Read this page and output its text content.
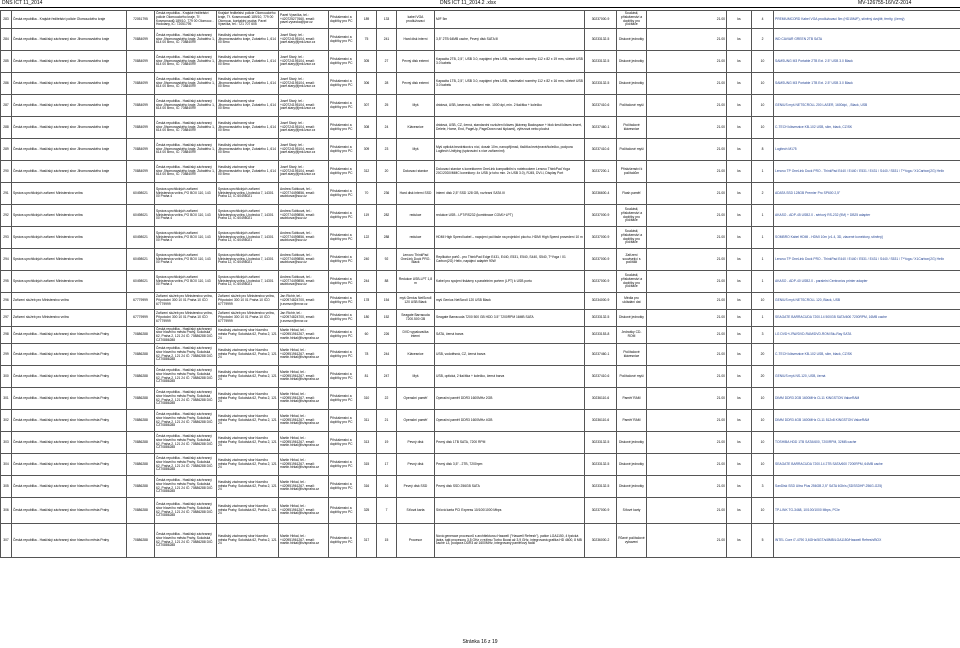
DNS ICT 11_2014	DNS ICT 11_2014.2 .xlsx	MV-126755-16/VZ-2014
283	Česká republika - Krajské ředitelství policie Olomouckého kraje	72051795	Česká republika - Krajské ředitelství policie Olomouckého kraje, Tř. Kosmonautů 189/10, 779 00 Olomouc - Hodolany, IČ: 72051795	Krajské ředitelství policie Olomouckého kraje, Tř. Kosmonautů 189/10, 779 00 Olomouc, kontaktní osoba: Pavel Vysečka, tel.: 721 707 605	Pavel Vysečka, tel.: +420725277660, email: pavel.vysecka@pcr.cz	Příslušenství a doplňky pro PC	189	133	kabel VGA prodlužovací	M/F 5m	30237000-9	Součásti, příslušenství a doplňky pro počítače	21.00	ks	4	PREMIUMCORD Kabel VGA prodlužovací 5m (HD15M/F), stíněný dvojitě, ferrity, (černý)
284	Česká republika - Hasičský záchranný sbor Jihomoravského kraje	70884099	Česká republika - Hasičský záchranný sbor Jihomoravského kraje, Zubatého 1, 614 00 Brno, IČ: 70884099	Hasičský záchranný sbor Jihomoravského kraje, Zubatého 1, 614 00 Brno	Josef Starý, tel.: +420724195104, email: josef.stary@jmk.izscr.cz	Příslušenství a doplňky pro PC	75	241	Hard disk interní	3,5" 2TB 64MB cache, Pevný disk SATA III	30233132-5	Diskové jednotky	21.00	ks	2	WD CAVIAR GREEN 2TB SATA
285	Česká republika - Hasičský záchranný sbor Jihomoravského kraje	70884099	Česká republika - Hasičský záchranný sbor Jihomoravského kraje, Zubatého 1, 614 00 Brno, IČ: 70884099	Hasičský záchranný sbor Jihomoravského kraje, Zubatého 1, 614 00 Brno	Josef Starý, tel.: +420724195104, email: josef.stary@jmk.izscr.cz	Příslušenství a doplňky pro PC	305	27	Pevný disk externí	Kapacita 2TB, 2,5", USB 3.0, napájení přes USB, maximální rozměry 112 x 82 x 19 mm, včetně USB 3.0 kabelu	30233132-5	Diskové jednotky	21.00	ks	10	SAMSUNG M3 Portable 2TB Ext. 2.5" USB 3.0 Black
286	Česká republika - Hasičský záchranný sbor Jihomoravského kraje	70884099	Česká republika - Hasičský záchranný sbor Jihomoravského kraje, Zubatého 1, 614 00 Brno, IČ: 70884099	Hasičský záchranný sbor Jihomoravského kraje, Zubatého 1, 614 00 Brno	Josef Starý, tel.: +420724195104, email: josef.stary@jmk.izscr.cz	Příslušenství a doplňky pro PC	306	28	Pevný disk externí	Kapacita 1TB, 2,5", USB 3.0, napájení přes USB, maximální rozměry 112 x 82 x 16 mm, včetně USB 3.0 kabelu	30233132-5	Diskové jednotky	21.00	ks	10	SAMSUNG M3 Portable 1TB Ext. 2.5" USB 3.0 Black
287	Česká republika - Hasičský záchranný sbor Jihomoravského kraje	70884099	Česká republika - Hasičský záchranný sbor Jihomoravského kraje, Zubatého 1, 614 00 Brno, IČ: 70884099	Hasičský záchranný sbor Jihomoravského kraje, Zubatého 1, 614 00 Brno	Josef Starý, tel.: +420724195104, email: josef.stary@jmk.izscr.cz	Příslušenství a doplňky pro PC	307	25	Myš	drátová, USB, laserová, rozlišení min. 1000 dpi, min. 2 tlačítka + kolečko	30237410-6	Počítačové myši	21.00	ks	10	GENIUS myš NETSCROLL 200 LASER, 1600dpi, , Black, USB
288	Česká republika - Hasičský záchranný sbor Jihomoravského kraje	70884099	Česká republika - Hasičský záchranný sbor Jihomoravského kraje, Zubatého 1, 614 00 Brno, IČ: 70884099	Hasičský záchranný sbor Jihomoravského kraje, Zubatého 1, 614 00 Brno	Josef Starý, tel.: +420724195104, email: josef.stary@jmk.izscr.cz	Příslušenství a doplňky pro PC	308	24	Klávesnice	drátová, USB, CZ, černá, standardní rozložení kláves (klávesy Backspace + blok šesti kláves Insert, Delete, Home, End, PageUp, PageDown nad šipkami), výřezová nebo plochá	30237460-1	Počítačové klávesnice	21.00	ks	10	C-TECH klávesnice KB-102 USB, slim, black, CZ/SK
289	Česká republika - Hasičský záchranný sbor Jihomoravského kraje	70884099	Česká republika - Hasičský záchranný sbor Jihomoravského kraje, Zubatého 1, 614 00 Brno, IČ: 70884099	Hasičský záchranný sbor Jihomoravského kraje, Zubatého 1, 614 00 Brno	Josef Starý, tel.: +420724195104, email: josef.stary@jmk.izscr.cz	Příslušenství a doplňky pro PC	309	23	Myš	Myš optická bezdrátová s nící, dosah 10m, nanopřijímač, tlačítka levé/pravé/kolečko, podpora Logitech Unifying (spárování s více zařízeními)	30237410-6	Počítačové myši	21.00	ks	8	Logitech M175
290	Česká republika - Hasičský záchranný sbor Jihomoravského kraje	70884099	Česká republika - Hasičský záchranný sbor Jihomoravského kraje, Zubatého 1, 614 00 Brno, IČ: 70884099	Hasičský záchranný sbor Jihomoravského kraje, Zubatého 1, 614 00 Brno	Josef Starý, tel.: +420724195104, email: josef.stary@jmk.izscr.cz	Příslušenství a doplňky pro PC	312	20	Dokovací stanice	Dokovací stanice s konektorem OneLink kompatibilní s notebookem Lenovo ThinkPad Yoga 20C/20D0/MMC konektory: 4x USB (z toho min. 2x USB 3.0), RJ45, DVI-I, Display Port	30237200-1	Příslušenství k počítačům	21.00	ks	1	Lenovo TP OneLink Dock PRO - ThinkPad E440 / E440 / E531 / E431 / S440 / S531 / T*Yoga / X1Carbon(2G) Helix
291	Správa uprchlických zařízení Ministerstva vnitra	60498021	Správa uprchlických zařízení Ministerstva vnitra, PO BOX 110, 143 00 Praha 4	Správa uprchlických zařízení Ministerstva vnitra, Lhotecká 7, 14301 Praha 12, IČ 60498021	Andrea Sobková, tel.: +420774499856, email: asobkova@suz.cz	Příslušenství a doplňky pro PC	70	236	Hard disk interní SSD	interní disk 2,5" SSD 128 GB, rozhraní SATA III	30236600-4	Flash paměť	21.00	ks	2	ADATA SSD 128GB Premier Pro SP600 2,5"
292	Správa uprchlických zařízení Ministerstva vnitra	60498021	Správa uprchlických zařízení Ministerstva vnitra, PO BOX 110, 143 00 Praha 4	Správa uprchlických zařízení Ministerstva vnitra, Lhotecká 7, 14301 Praha 12, IČ 60498021	Andrea Sobková, tel.: +420774499856, email: asobkova@suz.cz	Příslušenství a doplňky pro PC	119	282	redukce	redukce USB - LPT/RS232 (kombinace COM1+LPT)	30237000-9	Součásti, příslušenství a doplňky pro počítače	21.00	ks	1	AKASO - ADP-45 USB2.0 - sériový RS-232 (9M) + DB25 adapter
293	Správa uprchlických zařízení Ministerstva vnitra	60498021	Správa uprchlických zařízení Ministerstva vnitra, PO BOX 110, 143 00 Praha 4	Správa uprchlických zařízení Ministerstva vnitra, Lhotecká 7, 14301 Praha 12, IČ 60498021	Andrea Sobková, tel.: +420774499856, email: asobkova@suz.cz	Příslušenství a doplňky pro PC	122	288	redukce	HDMI High Speed kabel – napojení počítače na projekční plochu. HDMI High Speed provedení 10 m	30237000-9	Součásti, příslušenství a doplňky pro počítače	21.00	ks	1	SOMBRO Kabel HDMI - HDMI 10m (v1.4, 3D, zlacené konektory, stíněný)
294	Správa uprchlických zařízení Ministerstva vnitra	60498021	Správa uprchlických zařízení Ministerstva vnitra, PO BOX 110, 143 00 Praha 4	Správa uprchlických zařízení Ministerstva vnitra, Lhotecká 7, 14301 Praha 12, IČ 60498021	Andrea Sobková, tel.: +420774499856, email: asobkova@suz.cz	Příslušenství a doplňky pro PC	240	92	Lenovo ThinkPad OneLink Dock PRO-Black	Replikátor portů - pro ThinkPad Edge E431, E440, E531, E540, S440, S540, T*Yoga / X1 Carbon(2G) Helix, napájecí adaptér 90W	30237000-9	Zařízení související s počítači	21.00	ks	1	Lenovo TP OneLink Dock PRO - ThinkPad E440 / E440 / E531 / E431 / S440 / S531 / T*Yoga / X1Carbon(2G) Helix
295	Správa uprchlických zařízení Ministerstva vnitra	60498021	Správa uprchlických zařízení Ministerstva vnitra, PO BOX 110, 143 00 Praha 4	Správa uprchlických zařízení Ministerstva vnitra, Lhotecká 7, 14301 Praha 12, IČ 60498021	Andrea Sobková, tel.: +420774499856, email: asobkova@suz.cz	Příslušenství a doplňky pro PC	244	88	Redukce USB-LPT 1,8 m	Kabel pro spojení tiskárny s paralelním portem (LPT) k USB portu	30237000-9	Součásti, příslušenství a doplňky pro počítače	21.00	ks	1	AKASO - ADP-40 USB2.0 - paralelní Centronics printer adapter
296	Zařízení služeb pro Ministerstvo vnitra	67779999	Zařízení služeb pro Ministerstvo vnitra, Přípotoční 300 10 01 Praha 10 IČO 67779999	Zařízení služeb pro Ministerstvo vnitra, Přípotoční 300 10 01 Praha 10 IČO 67779999	Jan Richtr, tel.: +420974824700, email: jr.zsmvcr@mvcr.cz	Příslušenství a doplňky pro PC	178	154	myš Genius NetScroll 120 USB Black	myš Genius NetScroll 120 USB Black	30234000-9	Média pro ukládání dat	21.00	ks	10	GENIUS myš NETSCROLL 120, Black, USB
297	Zařízení služeb pro Ministerstvo vnitra	67779999	Zařízení služeb pro Ministerstvo vnitra, Přípotoční 300 10 01 Praha 10 IČO 67779999	Zařízení služeb pro Ministerstvo vnitra, Přípotoční 300 10 01 Praha 10 IČO 67779999	Jan Richtr, tel.: +420974824700, email: jr.zsmvcr@mvcr.cz	Příslušenství a doplňky pro PC	180	152	Seagate Barracuda 7200.500 GB	Seagate Barracuda 7200 500 GB HDD 3.5" 7200RPM 16MB SATA	30233132-5	Diskové jednotky	21.00	ks	1	SEAGATE BARRACUDA 7200.14 500GB SATA/600 7200RPM, 16MB cache
298	Česká republika - Hasičský záchranný sbor hlavního města Prahy	70886288	Česká republika - Hasičský záchranný sbor hlavního města Prahy, Sokolská 62, Praha 2, 121 24 IČ: 70886288 DIČ: CZ70886288	Hasičský záchranný sbor hlavního města Prahy, Sokolská 62, Praha 2, 121 24	Martin Hirkal, tel.: +420951961267, email: martin.hirkal@hzspraha.cz	Příslušenství a doplňky pro PC	60	226	DVD vypalovačka interní	SATA, černá barva	30233153-8	Jednotky CD-ROM	21.00	ks	3	LG DVD+/-RW/DVD-RAM/DVD-ROM Blu-Ray SATA
299	Česká republika - Hasičský záchranný sbor hlavního města Prahy	70886288	Česká republika - Hasičský záchranný sbor hlavního města Prahy, Sokolská 62, Praha 2, 121 24 IČ: 70886288 DIČ: CZ70886288	Hasičský záchranný sbor hlavního města Prahy, Sokolská 62, Praha 2, 121 24	Martin Hirkal, tel.: +420951961267, email: martin.hirkal@hzspraha.cz	Příslušenství a doplňky pro PC	78	244	Klávesnice	USB, vodotěsná, CZ, černá barva	30237460-1	Počítačové klávesnice	21.00	ks	20	C-TECH klávesnice KB-102 USB, slim, black, CZ/SK
300	Česká republika - Hasičský záchranný sbor hlavního města Prahy	70886288	Česká republika - Hasičský záchranný sbor hlavního města Prahy, Sokolská 62, Praha 2, 121 24 IČ: 70886288 DIČ: CZ70886288	Hasičský záchranný sbor hlavního města Prahy, Sokolská 62, Praha 2, 121 24	Martin Hirkal, tel.: +420951961267, email: martin.hirkal@hzspraha.cz	Příslušenství a doplňky pro PC	81	247	Myš	USB, optická, 2 tlačítka + kolečko, černá barva	30237410-6	Počítačové myši	21.00	ks	20	GENIUS myš NS-120, USB, černá
301	Česká republika - Hasičský záchranný sbor hlavního města Prahy	70886288	Česká republika - Hasičský záchranný sbor hlavního města Prahy, Sokolská 62, Praha 2, 121 24 IČ: 70886288 DIČ: CZ70886288	Hasičský záchranný sbor hlavního města Prahy, Sokolská 62, Praha 2, 121 24	Martin Hirkal, tel.: +420951961267, email: martin.hirkal@hzspraha.cz	Příslušenství a doplňky pro PC	310	22	Operační paměť	Operační paměť DDR3 1600MHz 2GB	30236110-6	Paměť RAM	21.00	ks	10	DIMM DDR3 2GB 1600MHz CL11 KINGSTON ValueRAM
302	Česká republika - Hasičský záchranný sbor hlavního města Prahy	70886288	Česká republika - Hasičský záchranný sbor hlavního města Prahy, Sokolská 62, Praha 2, 121 24 IČ: 70886288 DIČ: CZ70886288	Hasičský záchranný sbor hlavního města Prahy, Sokolská 62, Praha 2, 121 24	Martin Hirkal, tel.: +420951961267, email: martin.hirkal@hzspraha.cz	Příslušenství a doplňky pro PC	311	21	Operační paměť	Operační paměť DDR3 1600MHz 4GB	30236110-6	Paměť RAM	21.00	ks	10	DIMM DDR3 4GB 1600MHz CL11 512x8 KINGSTON ValueRAM
303	Česká republika - Hasičský záchranný sbor hlavního města Prahy	70886288	Česká republika - Hasičský záchranný sbor hlavního města Prahy, Sokolská 62, Praha 2, 121 24 IČ: 70886288 DIČ: CZ70886288	Hasičský záchranný sbor hlavního města Prahy, Sokolská 62, Praha 2, 121 24	Martin Hirkal, tel.: +420951961267, email: martin.hirkal@hzspraha.cz	Příslušenství a doplňky pro PC	313	19	Pevný disk	Pevný disk 1TB SATA, 7200 RPM	30233132-5	Diskové jednotky	21.00	ks	10	TOSHIBA HDD 1TB SATA/600, 7200RPM, 32MB cache
304	Česká republika - Hasičský záchranný sbor hlavního města Prahy	70886288	Česká republika - Hasičský záchranný sbor hlavního města Prahy, Sokolská 62, Praha 2, 121 24 IČ: 70886288 DIČ: CZ70886288	Hasičský záchranný sbor hlavního města Prahy, Sokolská 62, Praha 2, 121 24	Martin Hirkal, tel.: +420951961267, email: martin.hirkal@hzspraha.cz	Příslušenství a doplňky pro PC	315	17	Pevný disk	Pevný disk 3,5" - 2TB, 7200rpm	30233132-5	Diskové jednotky	21.00	ks	10	SEAGATE BARRACUDA 7200.14 2TB SATA/600 7200RPM, 64MB cache
305	Česká republika - Hasičský záchranný sbor hlavního města Prahy	70886288	Česká republika - Hasičský záchranný sbor hlavního města Prahy, Sokolská 62, Praha 2, 121 24 IČ: 70886288 DIČ: CZ70886288	Hasičský záchranný sbor hlavního města Prahy, Sokolská 62, Praha 2, 121 24	Martin Hirkal, tel.: +420951961267, email: martin.hirkal@hzspraha.cz	Příslušenství a doplňky pro PC	316	16	Pevný disk SSD	Pevný disk SSD 256GB SATA	30233132-5	Diskové jednotky	21.00	ks	3	SanDisk SSD Ultra Plus 256GB 2,5" SATA 6Gb/s (SDSSDHP-256G-G25)
306	Česká republika - Hasičský záchranný sbor hlavního města Prahy	70886288	Česká republika - Hasičský záchranný sbor hlavního města Prahy, Sokolská 62, Praha 2, 121 24 IČ: 70886288 DIČ: CZ70886288	Hasičský záchranný sbor hlavního města Prahy, Sokolská 62, Praha 2, 121 24	Martin Hirkal, tel.: +420951961267, email: martin.hirkal@hzspraha.cz	Příslušenství a doplňky pro PC	325	7	Síťová karta	Síťová karta PCI Express 10/100/1000 Mbps	30237000-9	Síťové karty	21.00	ks	10	TP-LINK TG-3468, 10/100/1000 Mbps, PCIe
307	Česká republika - Hasičský záchranný sbor hlavního města Prahy	70886288	Česká republika - Hasičský záchranný sbor hlavního města Prahy, Sokolská 62, Praha 2, 121 24 IČ: 70886288 DIČ: CZ70886288	Hasičský záchranný sbor hlavního města Prahy, Sokolská 62, Praha 2, 121 24	Martin Hirkal, tel.: +420951961267, email: martin.hirkal@hzspraha.cz	Příslušenství a doplňky pro PC	317	15	Procesor	Nová generace procesorů s architekturou Haswell ("Haswell Refresh"), patice LGA1150, 4 fyzická jádra, takt procesoru 3,5 GHz v režimu Turbo Boost až 3,9 GHz, integrovaná grafika HD 4600, 8 MB cache L3, podpora DDR3 až 1600MHz, integrovaný paměťový řadič	30236000-2	Různé počítačové vybavení	21.00	ks	5	INTEL Core i7-4790 3,6GHz/5GT/s/8MB/LGA1150/Haswell Refresh/BOX
Stránka 16 z 19
